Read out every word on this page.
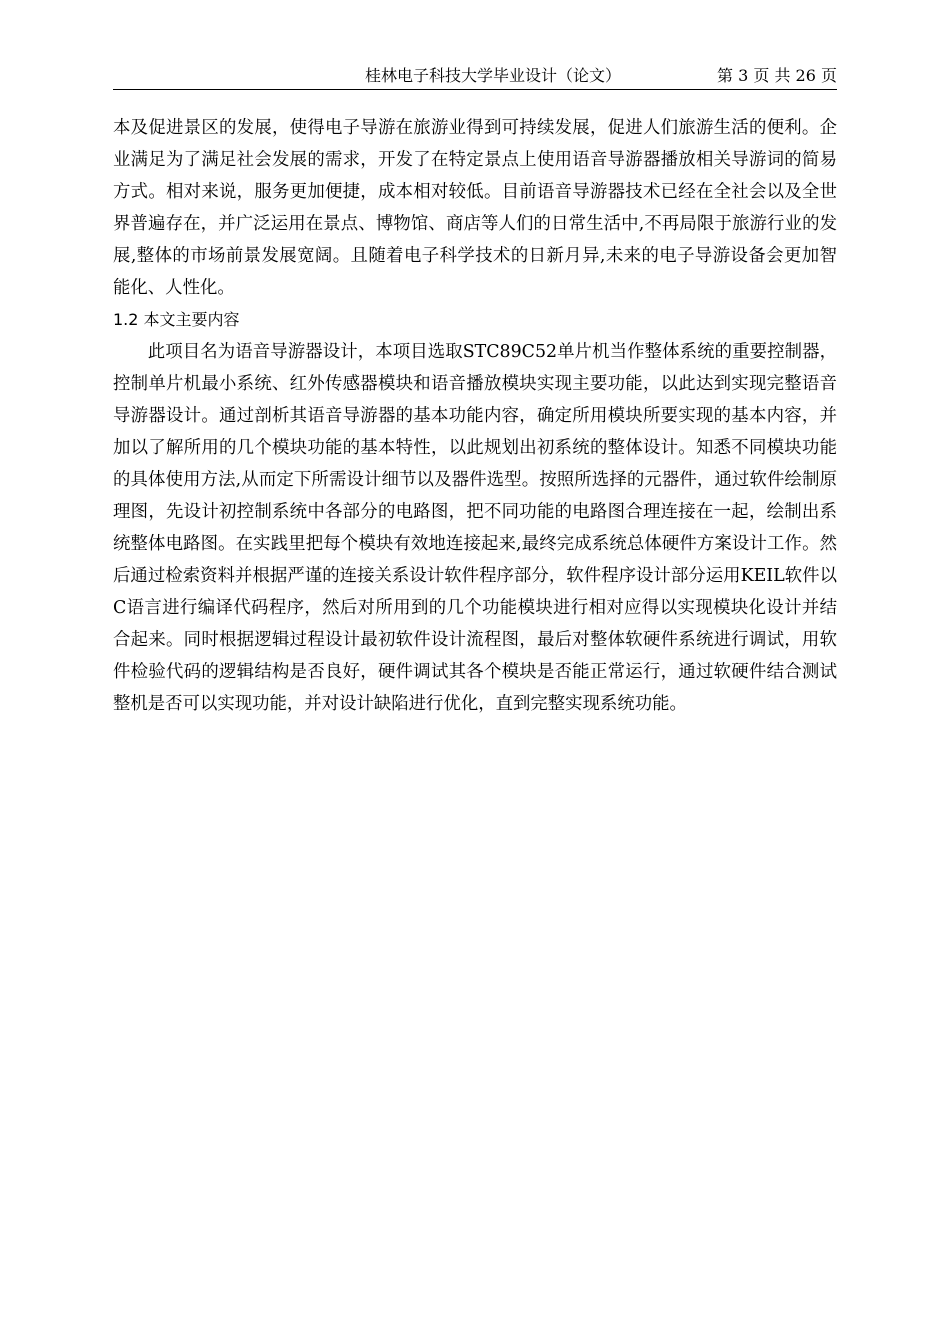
桂林电子科技大学毕业设计（论文）	第 3 页 共 26 页

本及促进景区的发展，使得电子导游在旅游业得到可持续发展，促进人们旅游生活的便利。企业满足为了满足社会发展的需求，开发了在特定景点上使用语音导游器播放相关导游词的简易方式。相对来说，服务更加便捷，成本相对较低。目前语音导游器技术已经在全社会以及全世界普遍存在，并广泛运用在景点、博物馆、商店等人们的日常生活中,不再局限于旅游行业的发展,整体的市场前景发展宽阔。且随着电子科学技术的日新月异,未来的电子导游设备会更加智能化、人性化。

1.2 本文主要内容

此项目名为语音导游器设计，本项目选取STC89C52单片机当作整体系统的重要控制器，控制单片机最小系统、红外传感器模块和语音播放模块实现主要功能，以此达到实现完整语音导游器设计。通过剖析其语音导游器的基本功能内容，确定所用模块所要实现的基本内容，并加以了解所用的几个模块功能的基本特性，以此规划出初系统的整体设计。知悉不同模块功能的具体使用方法,从而定下所需设计细节以及器件选型。按照所选择的元器件，通过软件绘制原理图，先设计初控制系统中各部分的电路图，把不同功能的电路图合理连接在一起，绘制出系统整体电路图。在实践里把每个模块有效地连接起来,最终完成系统总体硬件方案设计工作。然后通过检索资料并根据严谨的连接关系设计软件程序部分，软件程序设计部分运用KEIL软件以C语言进行编译代码程序，然后对所用到的几个功能模块进行相对应得以实现模块化设计并结合起来。同时根据逻辑过程设计最初软件设计流程图，最后对整体软硬件系统进行调试，用软件检验代码的逻辑结构是否良好，硬件调试其各个模块是否能正常运行，通过软硬件结合测试整机是否可以实现功能，并对设计缺陷进行优化，直到完整实现系统功能。
